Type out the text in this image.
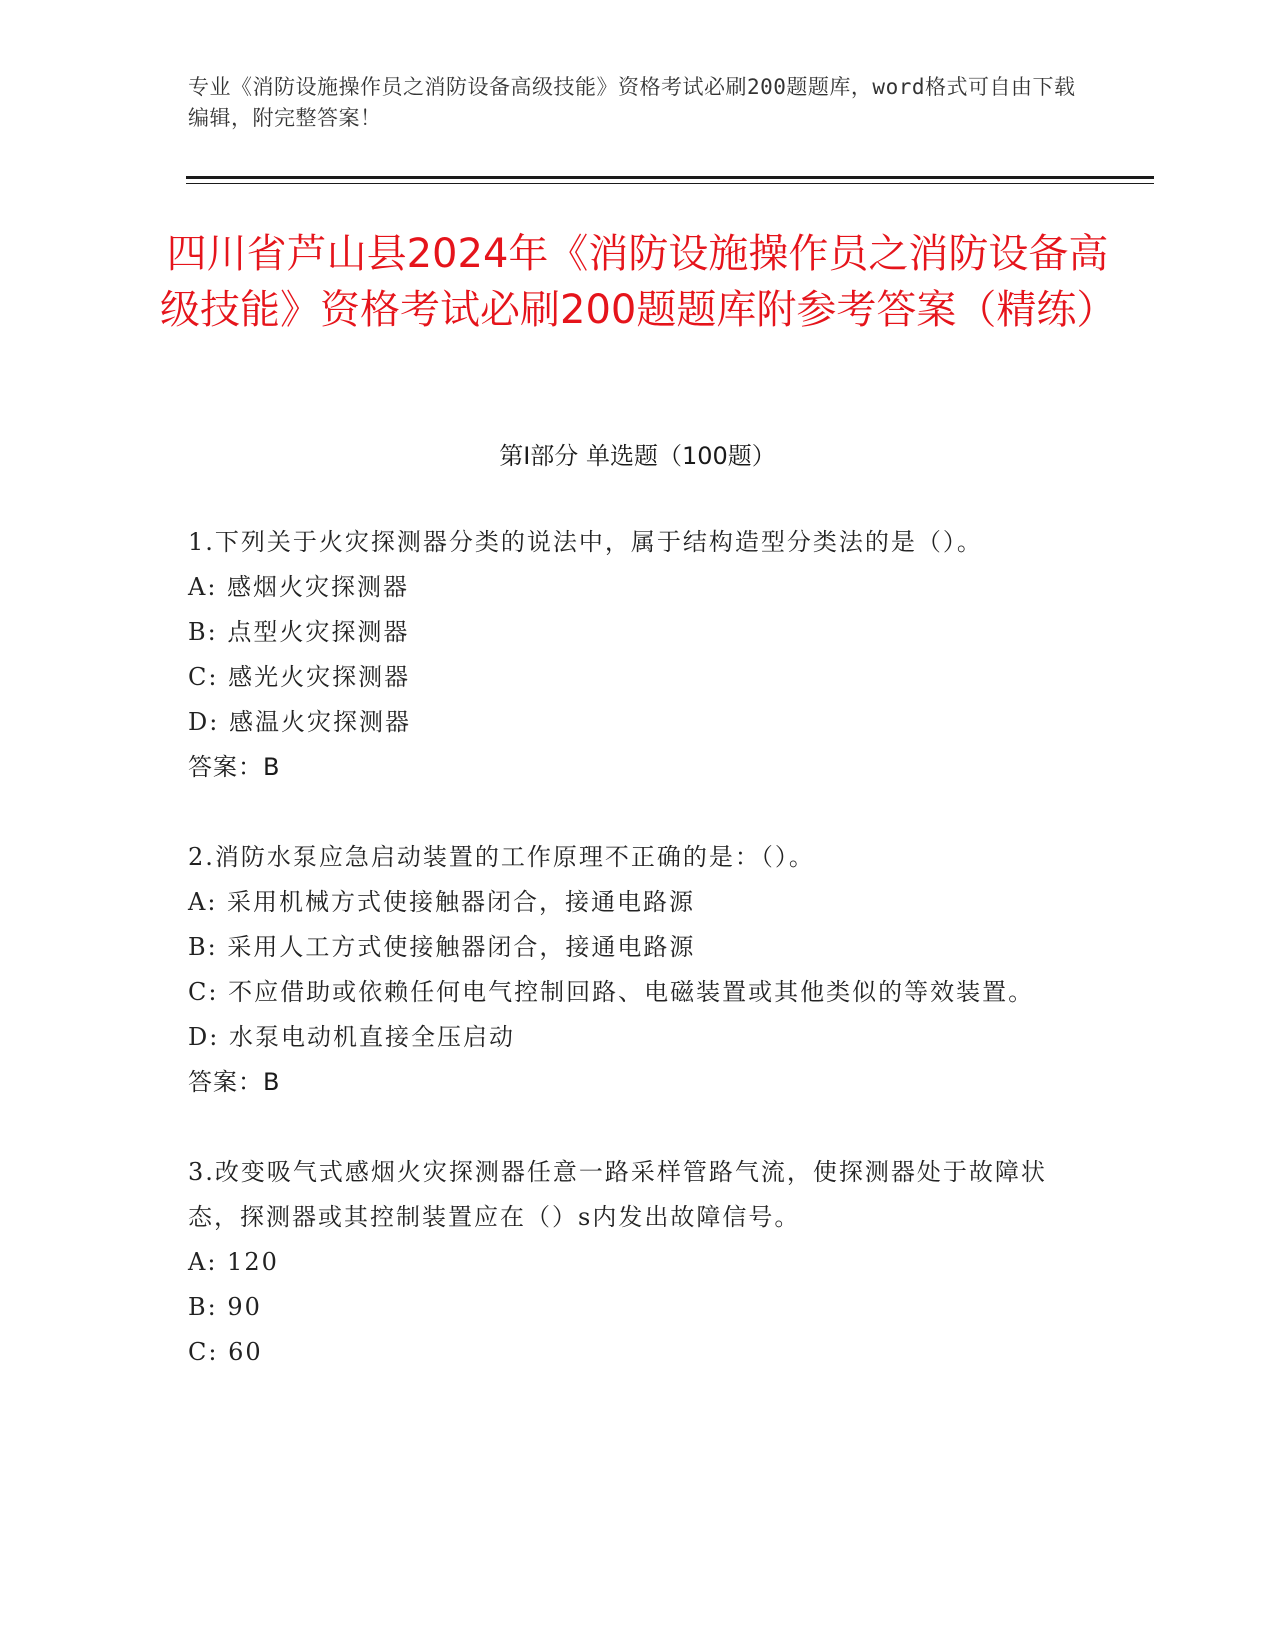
专业《消防设施操作员之消防设备高级技能》资格考试必刷200题题库，word格式可自由下载编辑，附完整答案！
四川省芦山县2024年《消防设施操作员之消防设备高级技能》资格考试必刷200题题库附参考答案（精练）
第I部分 单选题（100题）

1.下列关于火灾探测器分类的说法中，属于结构造型分类法的是（）。

A: 感烟火灾探测器

B: 点型火灾探测器

C: 感光火灾探测器

D: 感温火灾探测器

答案：B

2.消防水泵应急启动装置的工作原理不正确的是：（）。

A: 采用机械方式使接触器闭合，接通电路源

B: 采用人工方式使接触器闭合，接通电路源

C: 不应借助或依赖任何电气控制回路、电磁装置或其他类似的等效装置。

D: 水泵电动机直接全压启动

答案：B

3.改变吸气式感烟火灾探测器任意一路采样管路气流，使探测器处于故障状态，探测器或其控制装置应在（）s内发出故障信号。

A: 120

B: 90

C: 60
